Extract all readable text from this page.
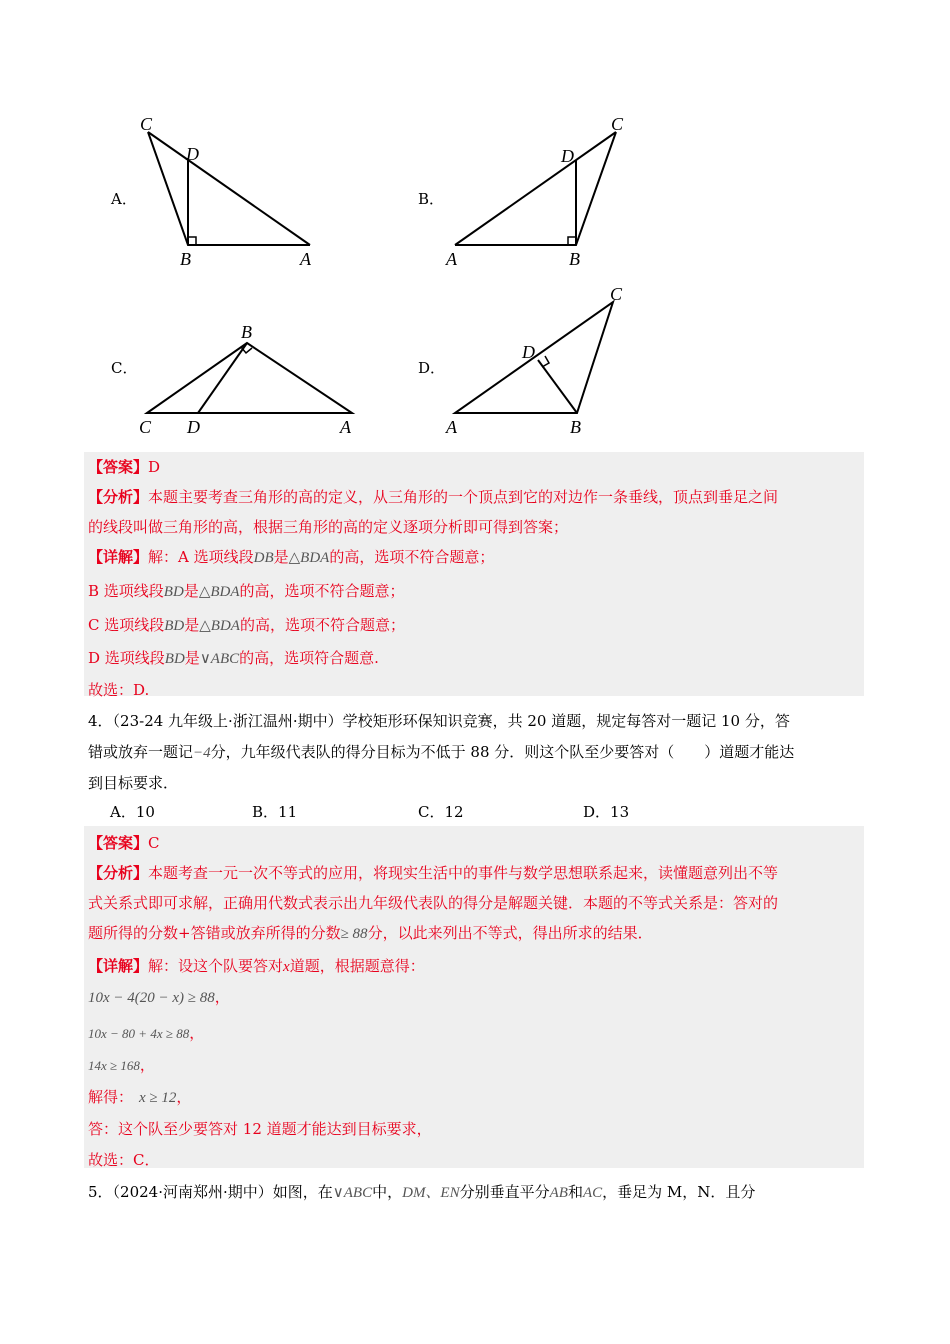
A．
C
D
B	A
B．
C
D
A	B
C．
B
C D	A
D．
C
D
A	B
【答案】D
【分析】本题主要考查三角形的高的定义，从三角形的一个顶点到它的对边作一条垂线，顶点到垂足之间
的线段叫做三角形的高，根据三角形的高的定义逐项分析即可得到答案；
【详解】解：A 选项线段DB是△BDA的高，选项不符合题意；
B 选项线段BD是△BDA的高，选项不符合题意；
C 选项线段BD是△BDA的高，选项不符合题意；
D 选项线段BD是∨ABC的高，选项符合题意.
故选：D.
4．（23-24 九年级上·浙江温州·期中）学校矩形环保知识竞赛，共 20 道题，规定每答对一题记 10 分，答
错或放弃一题记−4分，九年级代表队的得分目标为不低于 88 分．则这个队至少要答对（　　）道题才能达
到目标要求．
A．10	B．11	C．12	D．13
【答案】C
【分析】本题考查一元一次不等式的应用，将现实生活中的事件与数学思想联系起来，读懂题意列出不等
式关系式即可求解，正确用代数式表示出九年级代表队的得分是解题关键．本题的不等式关系是：答对的
题所得的分数+答错或放弃所得的分数≥ 88分，以此来列出不等式，得出所求的结果．
【详解】解：设这个队要答对x道题，根据题意得：
10x − 4(20 − x) ≥ 88，
10x − 80 + 4x ≥ 88，
14x ≥ 168，
解得： x ≥ 12，
答：这个队至少要答对 12 道题才能达到目标要求，
故选：C．
5．（2024·河南郑州·期中）如图，在∨ABC中，DM、EN分别垂直平分AB和AC，垂足为 M，N．且分
